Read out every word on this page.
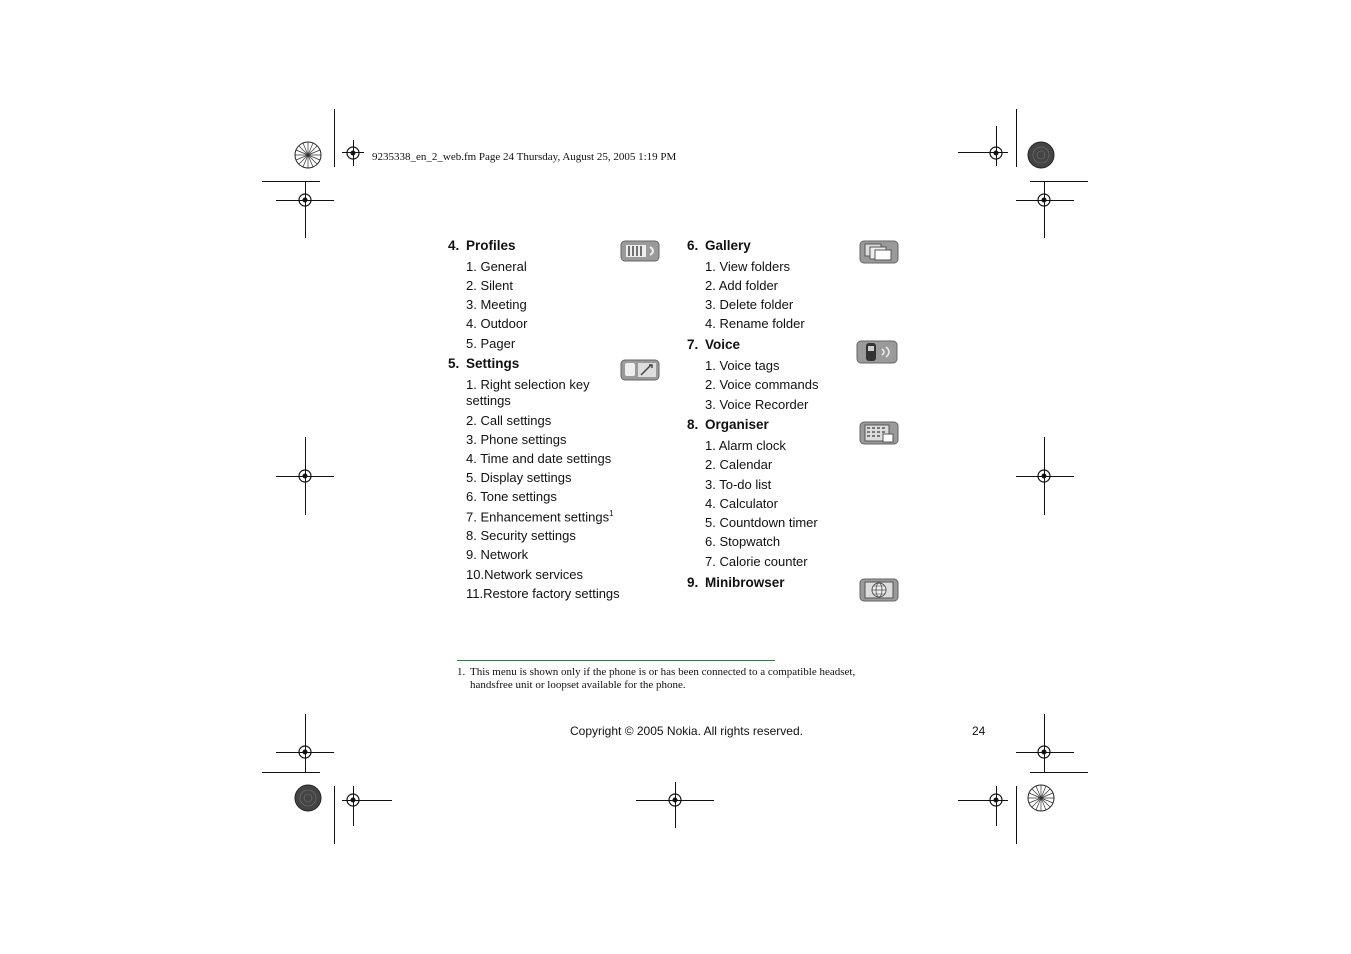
9235338_en_2_web.fm Page 24 Thursday, August 25, 2005 1:19 PM
4. Profiles
1. General
2. Silent
3. Meeting
4. Outdoor
5. Pager
5. Settings
1. Right selection key settings
2. Call settings
3. Phone settings
4. Time and date settings
5. Display settings
6. Tone settings
7. Enhancement settings$^1$
8. Security settings
9. Network
10.Network services
11.Restore factory settings
6. Gallery
1. View folders
2. Add folder
3. Delete folder
4. Rename folder
7. Voice
1. Voice tags
2. Voice commands
3. Voice Recorder
8. Organiser
1. Alarm clock
2. Calendar
3. To-do list
4. Calculator
5. Countdown timer
6. Stopwatch
7. Calorie counter
9. Minibrowser
1. This menu is shown only if the phone is or has been connected to a compatible headset, handsfree unit or loopset available for the phone.
Copyright © 2005 Nokia. All rights reserved.	24
